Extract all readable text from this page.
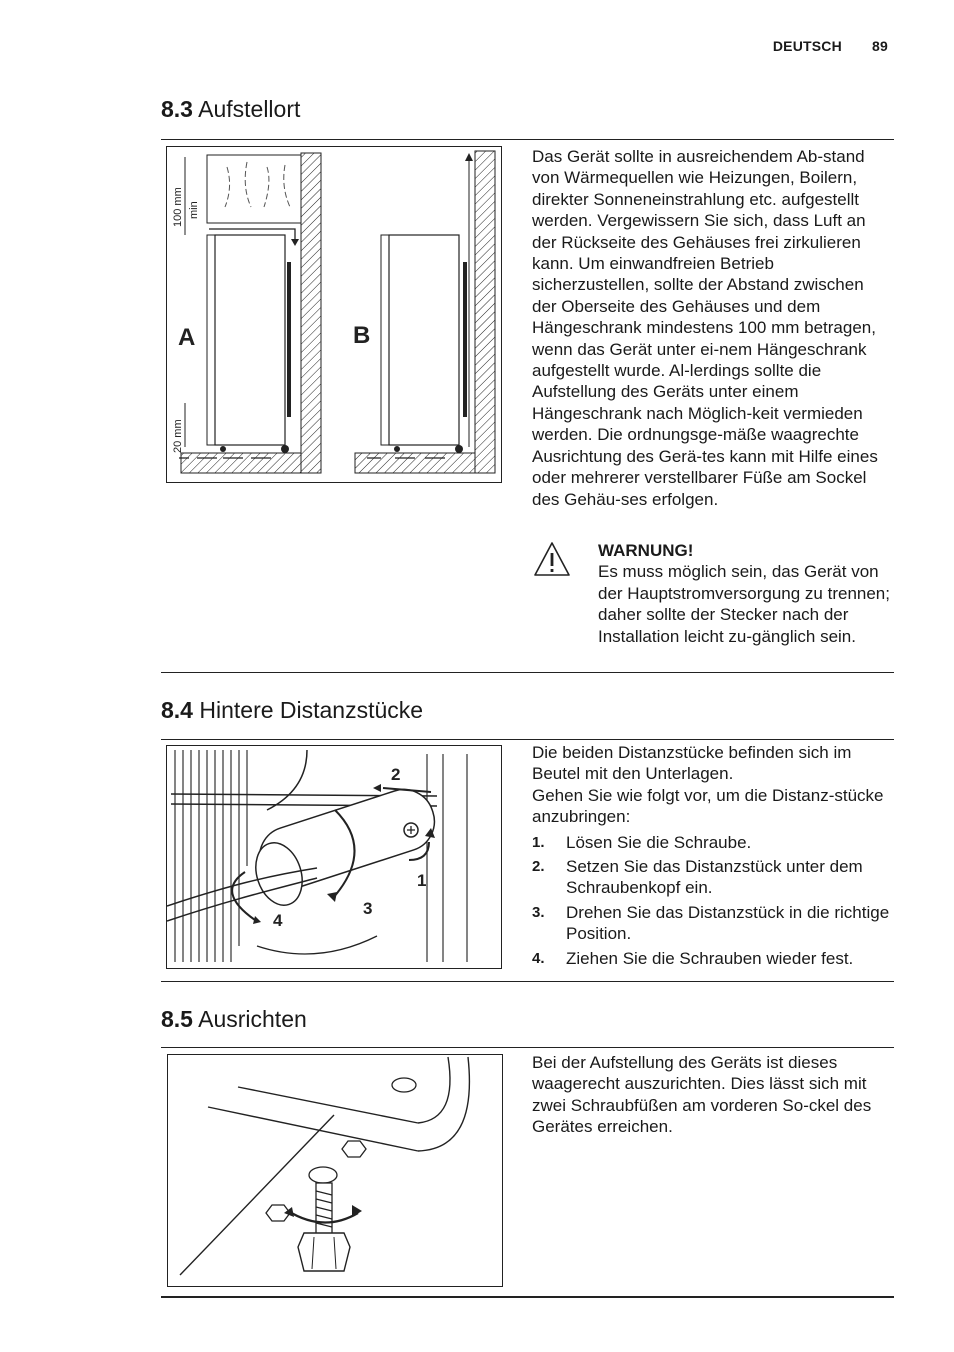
DEUTSCH 89
8.3 Aufstellort
100 mm min
20 mm
A	B

Das Gerät sollte in ausreichendem Ab-stand von Wärmequellen wie Heizungen, Boilern, direkter Sonneneinstrahlung etc. aufgestellt werden. Vergewissern Sie sich, dass Luft an der Rückseite des Gehäuses frei zirkulieren kann. Um einwandfreien Betrieb sicherzustellen, sollte der Abstand zwischen der Oberseite des Gehäuses und dem Hängeschrank mindestens 100 mm betragen, wenn das Gerät unter ei-nem Hängeschrank aufgestellt wurde. Al-lerdings sollte die Aufstellung des Geräts unter einem Hängeschrank nach Möglich-keit vermieden werden. Die ordnungsge-mäße waagrechte Ausrichtung des Gerä-tes kann mit Hilfe eines oder mehrerer verstellbarer Füße am Sockel des Gehäu-ses erfolgen.

WARNUNG!
Es muss möglich sein, das Gerät von der Hauptstromversorgung zu trennen; daher sollte der Stecker nach der Installation leicht zu-gänglich sein.
8.4 Hintere Distanzstücke
1
2
3
4

Die beiden Distanzstücke befinden sich im Beutel mit den Unterlagen.

Gehen Sie wie folgt vor, um die Distanz-stücke anzubringen:

1. Lösen Sie die Schraube.
2. Setzen Sie das Distanzstück unter dem Schraubenkopf ein.
3. Drehen Sie das Distanzstück in die richtige Position.
4. Ziehen Sie die Schrauben wieder fest.
8.5 Ausrichten

Bei der Aufstellung des Geräts ist dieses waagerecht auszurichten. Dies lässt sich mit zwei Schraubfüßen am vorderen So-ckel des Gerätes erreichen.
